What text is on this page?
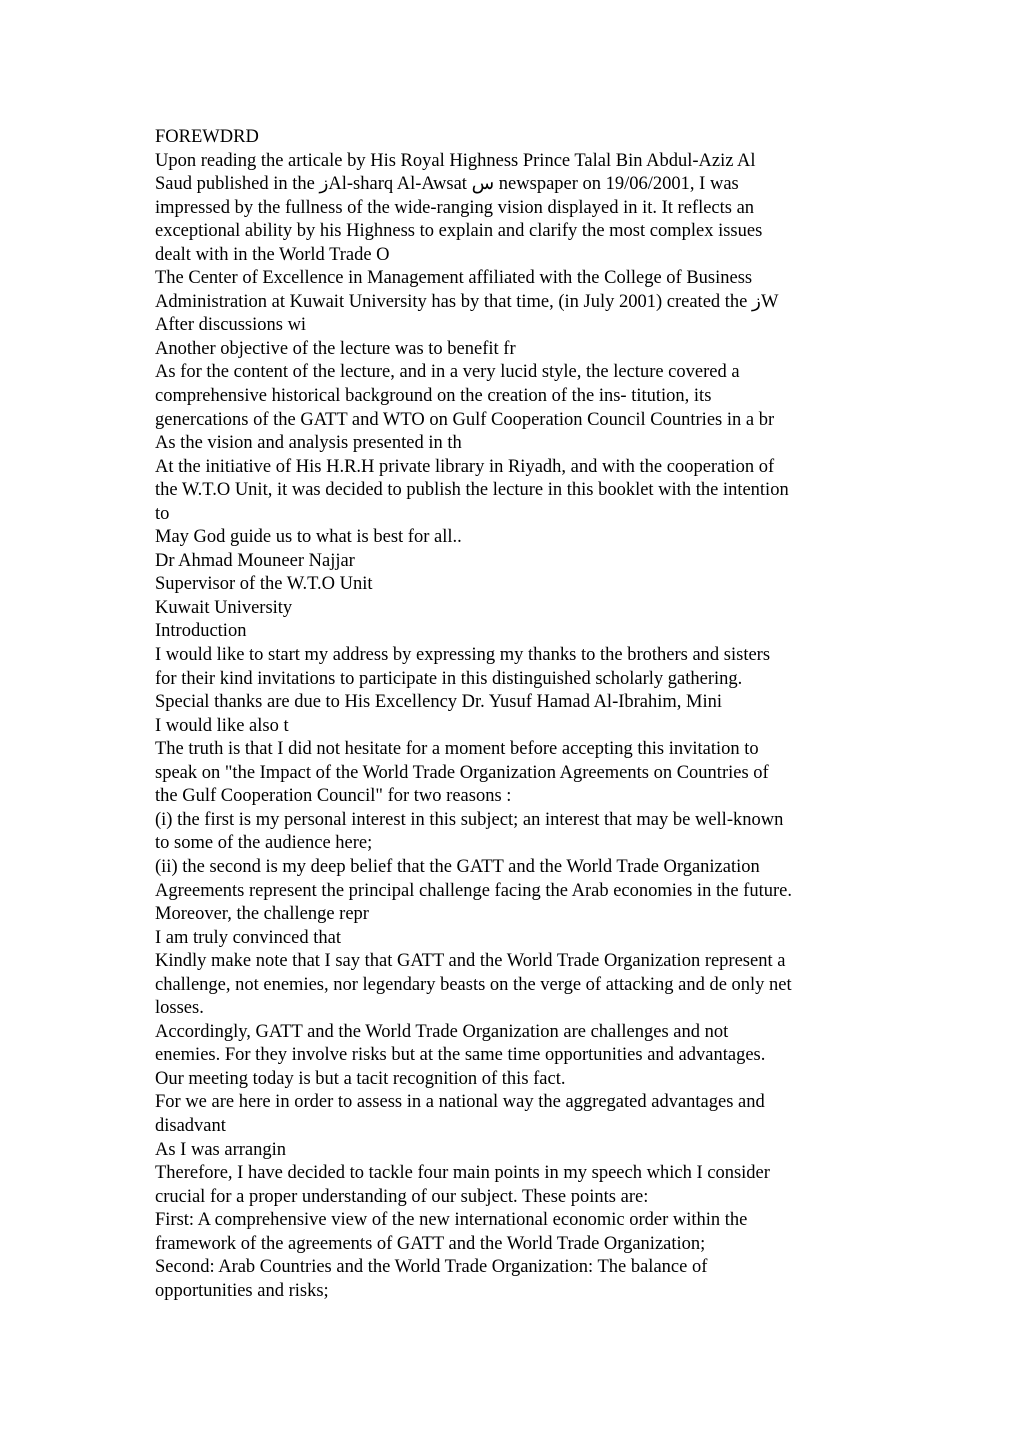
FOREWDRD

Upon reading the articale by His Royal Highness Prince Talal Bin Abdul-Aziz Al
Saud published in the زAl-sharq Al-Awsat س newspaper on 19/06/2001, I was
impressed by the fullness of the wide-ranging vision displayed in it. It reflects an
exceptional ability by his Highness to explain and clarify the most complex issues
dealt with in the World Trade O

The Center of Excellence in Management affiliated with the College of Business
Administration at Kuwait University has by that time, (in July 2001) created the زW

After discussions wi

Another objective of the lecture was to benefit fr

As for the content of the lecture, and in a very lucid style, the lecture covered a
comprehensive historical background on the creation of the ins- titution, its
genercations of the GATT and WTO on Gulf Cooperation Council Countries in a br

As the vision and analysis presented in th

At the initiative of His H.R.H private library in Riyadh, and with the cooperation of
the W.T.O Unit, it was decided to publish the lecture in this booklet with the intention
to

May God guide us to what is best for all..

Dr Ahmad Mouneer Najjar

Supervisor of the W.T.O Unit

Kuwait University

Introduction

I would like to start my address by expressing my thanks to the brothers and sisters
for their kind invitations to participate in this distinguished scholarly gathering.
Special thanks are due to His Excellency Dr. Yusuf Hamad Al-Ibrahim, Mini

I would like also t

The truth is that I did not hesitate for a moment before accepting this invitation to
speak on "the Impact of the World Trade Organization Agreements on Countries of
the Gulf Cooperation Council" for two reasons :

(i) the first is my personal interest in this subject; an interest that may be well-known
to some of the audience here;

(ii) the second is my deep belief that the GATT and the World Trade Organization
Agreements represent the principal challenge facing the Arab economies in the future.
Moreover, the challenge repr

I am truly convinced that

Kindly make note that I say that GATT and the World Trade Organization represent a
challenge, not enemies, nor legendary beasts on the verge of attacking and de only net
losses.

Accordingly, GATT and the World Trade Organization are challenges and not
enemies. For they involve risks but at the same time opportunities and advantages.
Our meeting today is but a tacit recognition of this fact.

For we are here in order to assess in a national way the aggregated advantages and
disadvant

As I was arrangin

Therefore, I have decided to tackle four main points in my speech which I consider
crucial for a proper understanding of our subject. These points are:

First: A comprehensive view of the new international economic order within the
framework of the agreements of GATT and the World Trade Organization;

Second: Arab Countries and the World Trade Organization: The balance of
opportunities and risks;
